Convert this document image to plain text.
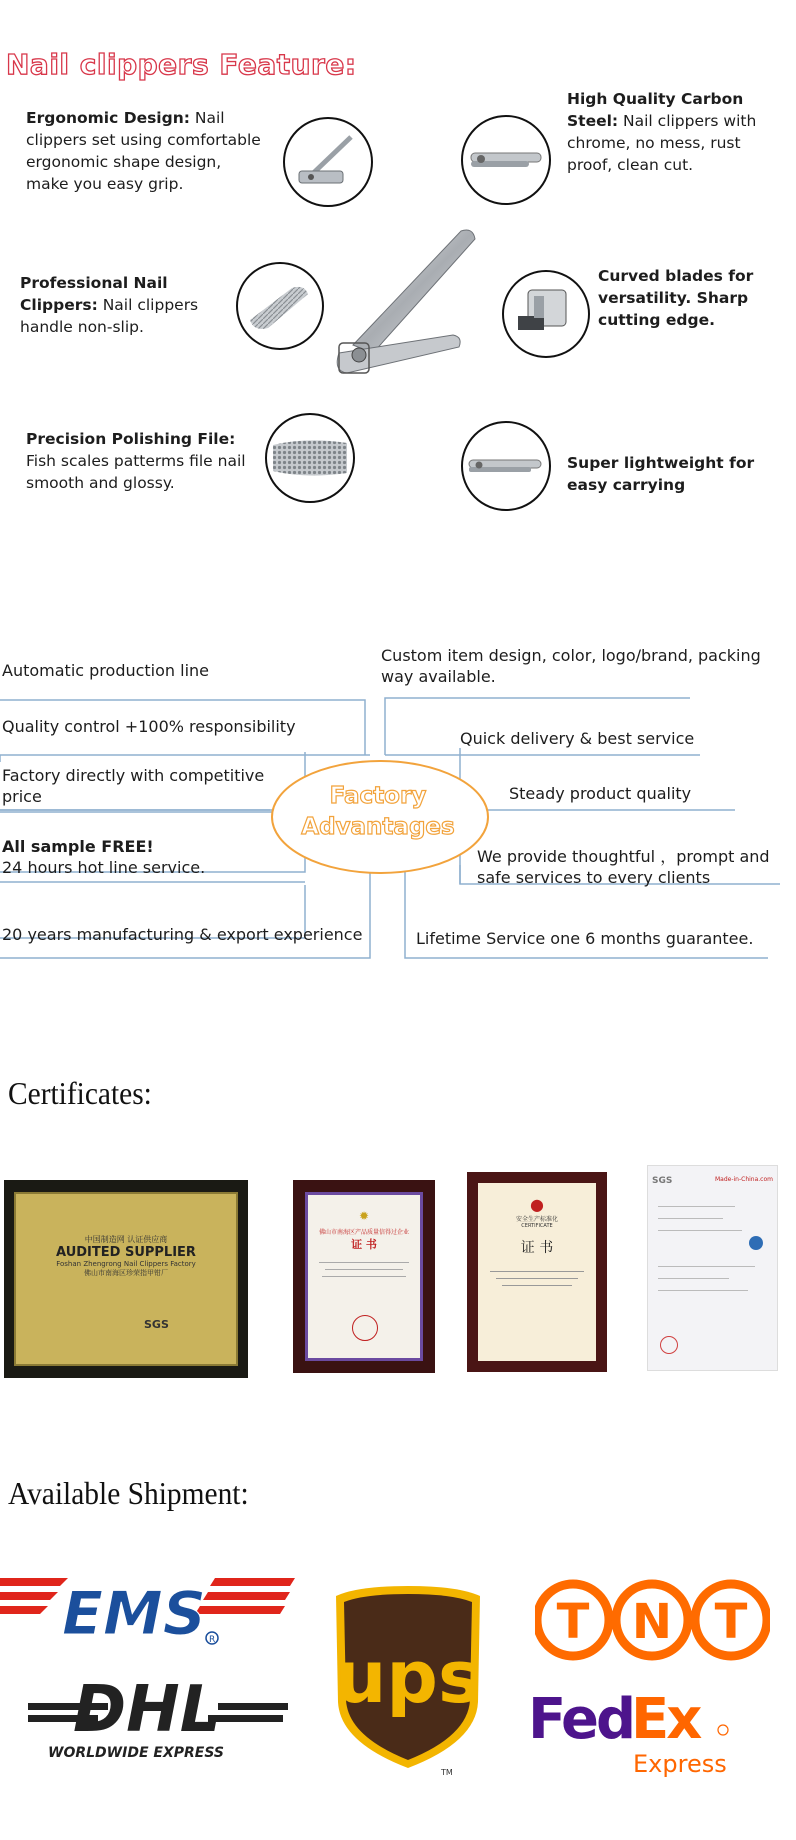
Nail clippers Feature:
Ergonomic Design: Nail clippers set using comfortable ergonomic shape design, make you easy grip.
High Quality Carbon Steel: Nail clippers with chrome, no mess, rust proof, clean cut.
Professional Nail Clippers: Nail clippers handle non-slip.
Curved blades for versatility. Sharp cutting edge.
Precision Polishing File: Fish scales patterms file nail smooth and glossy.
Super lightweight for easy carrying
Factory
Advantages
Automatic production line
Quality control +100% responsibility
Factory directly with competitive price
All sample FREE!
24 hours hot line service.
20 years manufacturing & export experience
Custom item design, color, logo/brand, packing way available.
Quick delivery & best service
Steady product quality
We provide thoughtful ，prompt and safe services to every clients
Lifetime Service one 6 months guarantee.
Certificates:
中国制造网 认证供应商
AUDITED SUPPLIER
Foshan Zhengrong Nail Clippers Factory
佛山市南海区珍荣指甲钳厂
SGS
✹
佛山市南海区产品质量信得过企业
证 书
●
安全生产标准化
CERTIFICATE
证 书
SGS	Made-in-China.com
Available Shipment:
EMS R
DHL
WORLDWIDE EXPRESS
ups
TM
T N T
Fed
Ex
Express
